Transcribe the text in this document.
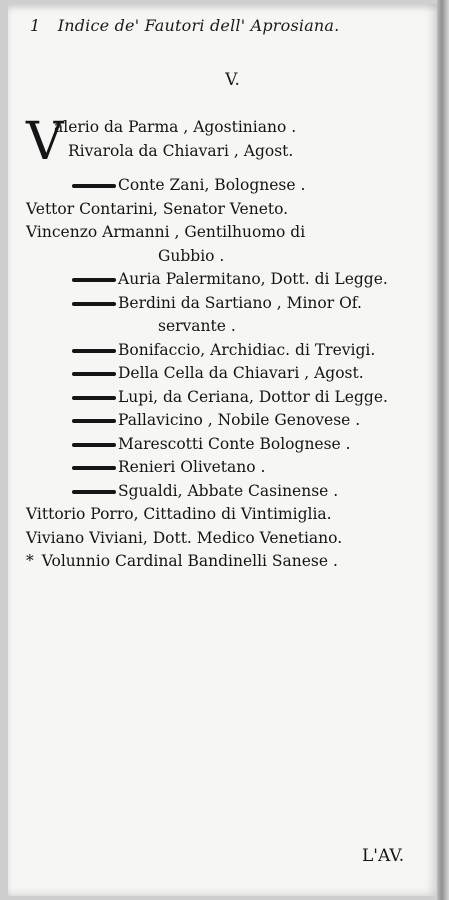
1 Indice de' Fautori dell' Aprosiana.
V.
V
alerio da Parma , Agostiniano .
Rivarola da Chiavari , Agost.
Conte Zani, Bolognese .
Vettor Contarini, Senator Veneto.
Vincenzo Armanni , Gentilhuomo di
Gubbio .
Auria Palermitano, Dott. di Legge.
Berdini da Sartiano , Minor Of.
servante .
Bonifaccio, Archidiac. di Trevigi.
Della Cella da Chiavari , Agost.
Lupi, da Ceriana, Dottor di Legge.
Pallavicino , Nobile Genovese .
Marescotti Conte Bolognese .
Renieri Olivetano .
Sgualdi, Abbate Casinense .
Vittorio Porro, Cittadino di Vintimiglia.
Viviano Viviani, Dott. Medico Venetiano.
* Volunnio Cardinal Bandinelli Sanese .
L'AV.
